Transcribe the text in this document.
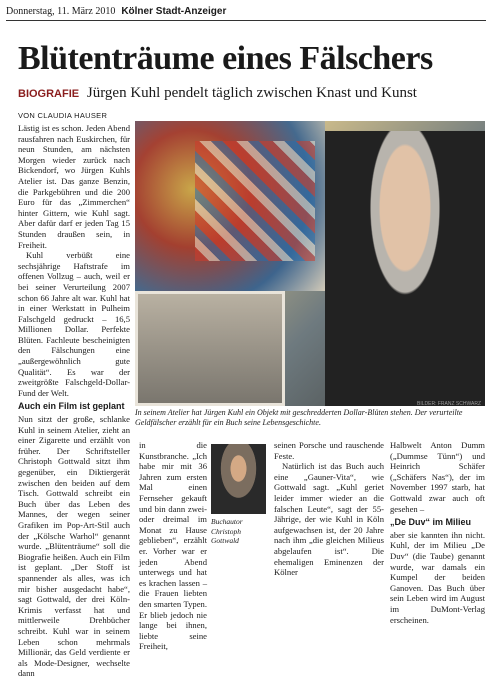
Donnerstag, 11. März 2010 Kölner Stadt-Anzeiger
Blütenträume eines Fälschers
BIOGRAFIE Jürgen Kuhl pendelt täglich zwischen Knast und Kunst
VON CLAUDIA HAUSER

Lästig ist es schon. Jeden Abend rausfahren nach Euskirchen, für neun Stunden, am nächsten Morgen wieder zurück nach Bickendorf, wo Jürgen Kuhls Atelier ist. Das ganze Benzin, die Parkgebühren und die 200 Euro für das „Zimmerchen“ hinter Gittern, wie Kuhl sagt. Aber dafür darf er jeden Tag 15 Stunden draußen sein, in Freiheit.

Kuhl verbüßt eine sechsjährige Haftstrafe im offenen Vollzug – auch, weil er bei seiner Verurteilung 2007 schon 66 Jahre alt war. Kuhl hat in einer Werkstatt in Pulheim Falschgeld gedruckt – 16,5 Millionen Dollar. Perfekte Blüten. Fachleute bescheinigten den Fälschungen eine „außergewöhnlich gute Qualität“. Es war der zweitgrößte Falschgeld-Dollar-Fund der Welt.

Auch ein Film ist geplant

Nun sitzt der große, schlanke Kuhl in seinem Atelier, zieht an einer Zigarette und erzählt von früher. Der Schriftsteller Christoph Gottwald sitzt ihm gegenüber, ein Diktiergerät zwischen den beiden auf dem Tisch. Gottwald schreibt ein Buch über das Leben des Mannes, der wegen seiner Grafiken im Pop-Art-Stil auch der „Kölsche Warhol“ genannt wurde. „Blütenträume“ soll die Biografie heißen. Auch ein Film ist geplant. „Der Stoff ist spannender als alles, was ich mir bisher ausgedacht habe“, sagt Gottwald, der drei Köln-Krimis verfasst hat und mittlerweile Drehbücher schreibt. Kuhl war in seinem Leben schon mehrmals Millionär, das Geld verdiente er als Mode-Designer, wechselte dann

BILDER: FRANZ SCHWARZ
In seinem Atelier hat Jürgen Kuhl ein Objekt mit geschredderten Dollar-Blüten stehen. Der verurteilte Geldfälscher erzählt für ein Buch seine Lebensgeschichte.

in die Kunstbranche. „Ich habe mir mit 36 Jahren zum ersten Mal einen Fernseher gekauft und bin dann zwei- oder dreimal im Monat zu Hause geblieben“, erzählt er. Vorher war er jeden Abend unterwegs und hat es krachen lassen – die Frauen liebten den smarten Typen. Er blieb jedoch nie lange bei ihnen, liebte seine Freiheit,

Buchautor Christoph Gottwald

seinen Porsche und rauschende Feste.

Natürlich ist das Buch auch eine „Gauner-Vita“, wie Gottwald sagt. „Kuhl geriet leider immer wieder an die falschen Leute“, sagt der 55-Jährige, der wie Kuhl in Köln aufgewachsen ist, der 20 Jahre nach ihm „die gleichen Milieus abgelaufen ist“. Die ehemaligen Eminenzen der Kölner

Halbwelt Anton Dumm („Dummse Tünn“) und Heinrich Schäfer („Schäfers Nas“), der im November 1997 starb, hat Gottwald zwar auch oft gesehen –

„De Duv“ im Milieu

aber sie kannten ihn nicht. Kuhl, der im Milieu „De Duv“ (die Taube) genannt wurde, war damals ein Kumpel der beiden Ganoven. Das Buch über sein Leben wird im August im DuMont-Verlag erscheinen.
